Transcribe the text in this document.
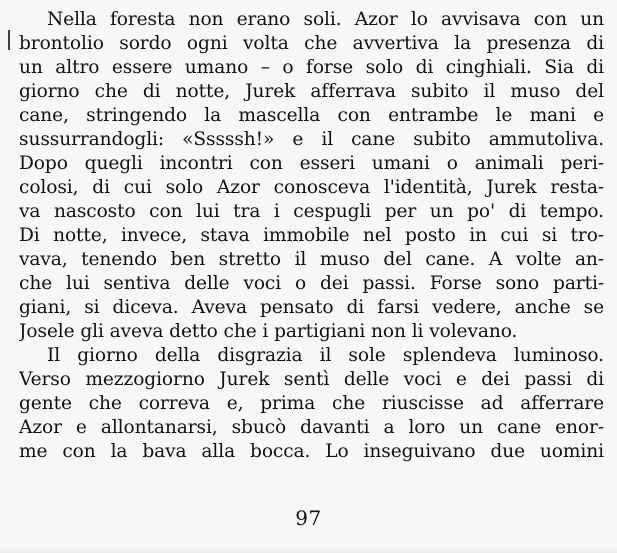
Nella foresta non erano soli. Azor lo avvisava con un
brontolio sordo ogni volta che avvertiva la presenza di
un altro essere umano – o forse solo di cinghiali. Sia di
giorno che di notte, Jurek afferrava subito il muso del
cane, stringendo la mascella con entrambe le mani e
sussurrandogli: «Sssssh!» e il cane subito ammutoliva.
Dopo quegli incontri con esseri umani o animali peri-
colosi, di cui solo Azor conosceva l'identità, Jurek resta-
va nascosto con lui tra i cespugli per un po' di tempo.
Di notte, invece, stava immobile nel posto in cui si tro-
vava, tenendo ben stretto il muso del cane. A volte an-
che lui sentiva delle voci o dei passi. Forse sono parti-
giani, si diceva. Aveva pensato di farsi vedere, anche se
Josele gli aveva detto che i partigiani non li volevano.
Il giorno della disgrazia il sole splendeva luminoso.
Verso mezzogiorno Jurek sentì delle voci e dei passi di
gente che correva e, prima che riuscisse ad afferrare
Azor e allontanarsi, sbucò davanti a loro un cane enor-
me con la bava alla bocca. Lo inseguivano due uomini
97
